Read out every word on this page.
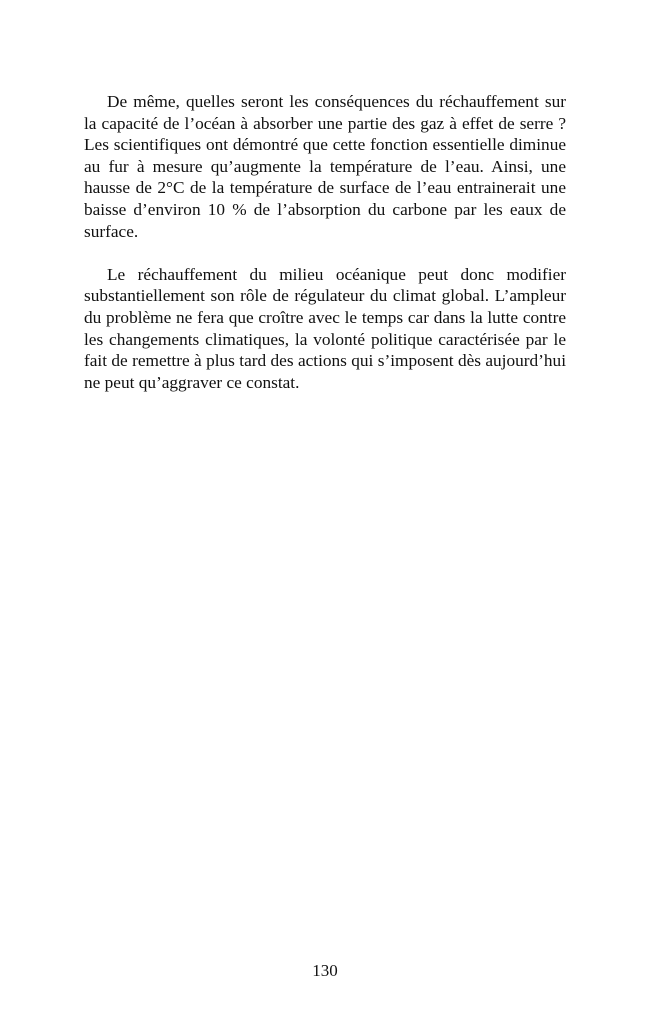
De même, quelles seront les conséquences du réchauffement sur la capacité de l’océan à absorber une partie des gaz à effet de serre ? Les scientifiques ont démontré que cette fonction essentielle diminue au fur à mesure qu’augmente la température de l’eau. Ainsi, une hausse de 2°C de la température de surface de l’eau entrainerait une baisse d’environ 10 % de l’absorption du carbone par les eaux de surface.

Le réchauffement du milieu océanique peut donc modifier substantiellement son rôle de régulateur du climat global. L’ampleur du problème ne fera que croître avec le temps car dans la lutte contre les changements climatiques, la volonté politique caractérisée par le fait de remettre à plus tard des actions qui s’imposent dès aujourd’hui ne peut qu’aggraver ce constat.

130
